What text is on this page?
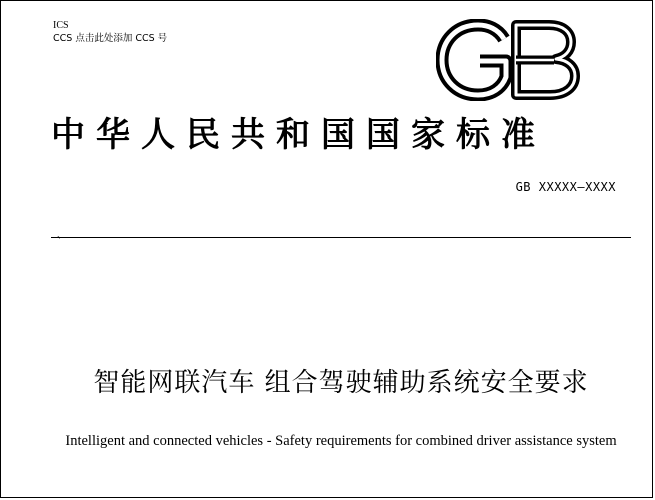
ICS
CCS 点击此处添加 CCS 号
中华人民共和国国家标准
GB XXXXX—XXXX
、
智能网联汽车 组合驾驶辅助系统安全要求
Intelligent and connected vehicles - Safety requirements for combined driver assistance system
